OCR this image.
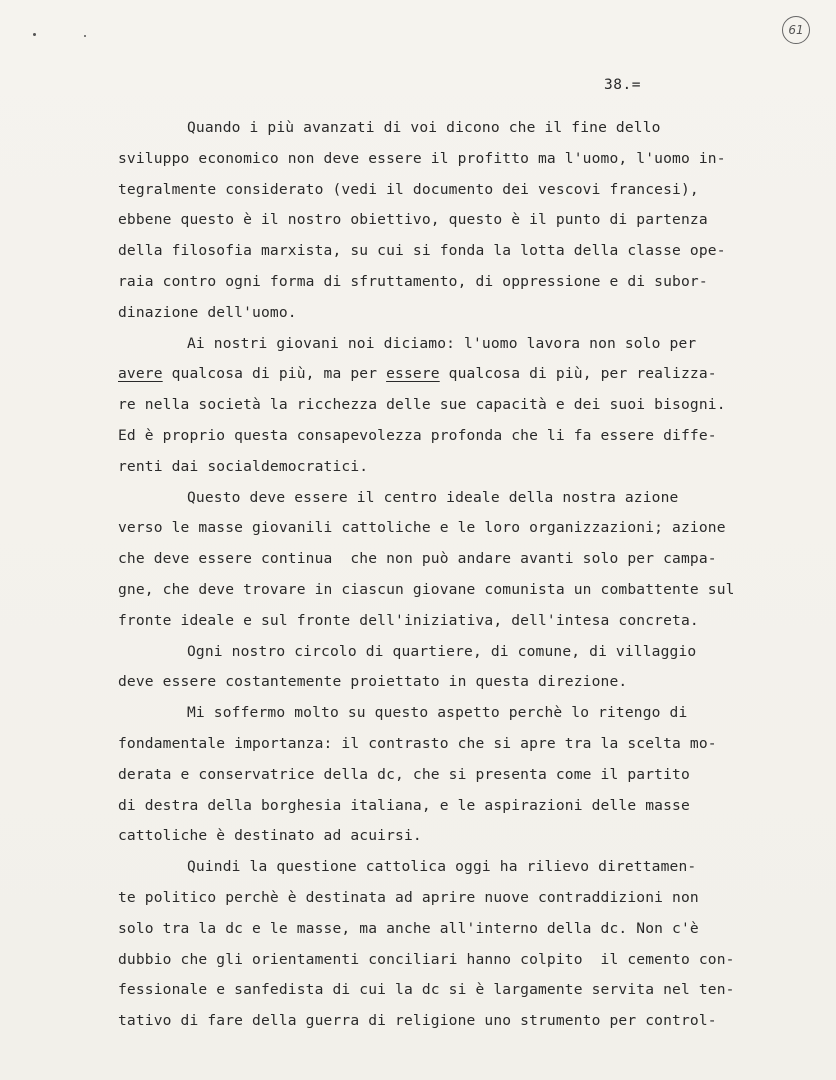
61
38.=
Quando i più avanzati di voi dicono che il fine dello
sviluppo economico non deve essere il profitto ma l'uomo, l'uomo in-
tegralmente considerato (vedi il documento dei vescovi francesi),
ebbene questo è il nostro obiettivo, questo è il punto di partenza
della filosofia marxista, su cui si fonda la lotta della classe ope-
raia contro ogni forma di sfruttamento, di oppressione e di subor-
dinazione dell'uomo.
Ai nostri giovani noi diciamo: l'uomo lavora non solo per
avere qualcosa di più, ma per essere qualcosa di più, per realizza-
re nella società la ricchezza delle sue capacità e dei suoi bisogni.
Ed è proprio questa consapevolezza profonda che li fa essere diffe-
renti dai socialdemocratici.
Questo deve essere il centro ideale della nostra azione
verso le masse giovanili cattoliche e le loro organizzazioni; azione
che deve essere continua  che non può andare avanti solo per campa-
gne, che deve trovare in ciascun giovane comunista un combattente sul
fronte ideale e sul fronte dell'iniziativa, dell'intesa concreta.
Ogni nostro circolo di quartiere, di comune, di villaggio
deve essere costantemente proiettato in questa direzione.
Mi soffermo molto su questo aspetto perchè lo ritengo di
fondamentale importanza: il contrasto che si apre tra la scelta mo-
derata e conservatrice della dc, che si presenta come il partito
di destra della borghesia italiana, e le aspirazioni delle masse
cattoliche è destinato ad acuirsi.
Quindi la questione cattolica oggi ha rilievo direttamen-
te politico perchè è destinata ad aprire nuove contraddizioni non
solo tra la dc e le masse, ma anche all'interno della dc. Non c'è
dubbio che gli orientamenti conciliari hanno colpito  il cemento con-
fessionale e sanfedista di cui la dc si è largamente servita nel ten-
tativo di fare della guerra di religione uno strumento per control-
